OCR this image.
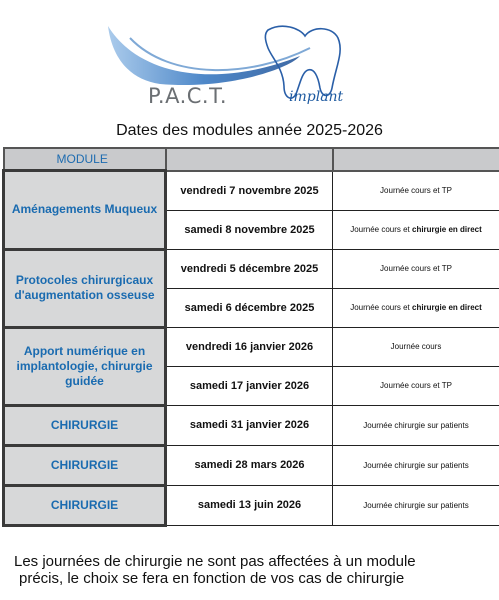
P.A.C.T.	implant
Dates des modules année 2025-2026
MODULE		
Aménagements Muqueux	vendredi 7 novembre 2025	Journée cours et TP
	samedi 8 novembre 2025	Journée cours et chirurgie en direct
Protocoles chirurgicaux d'augmentation osseuse	vendredi 5 décembre 2025	Journée cours et TP
	samedi 6 décembre 2025	Journée cours et chirurgie en direct
Apport numérique en implantologie, chirurgie guidée	vendredi 16 janvier 2026	Journée cours
	samedi 17 janvier 2026	Journée cours et TP
CHIRURGIE	samedi 31 janvier 2026	Journée chirurgie sur patients
CHIRURGIE	samedi 28 mars 2026	Journée chirurgie sur patients
CHIRURGIE	samedi 13 juin 2026	Journée chirurgie sur patients
Les journées de chirurgie ne sont pas affectées à un module
précis, le choix se fera en fonction de vos cas de chirurgie
